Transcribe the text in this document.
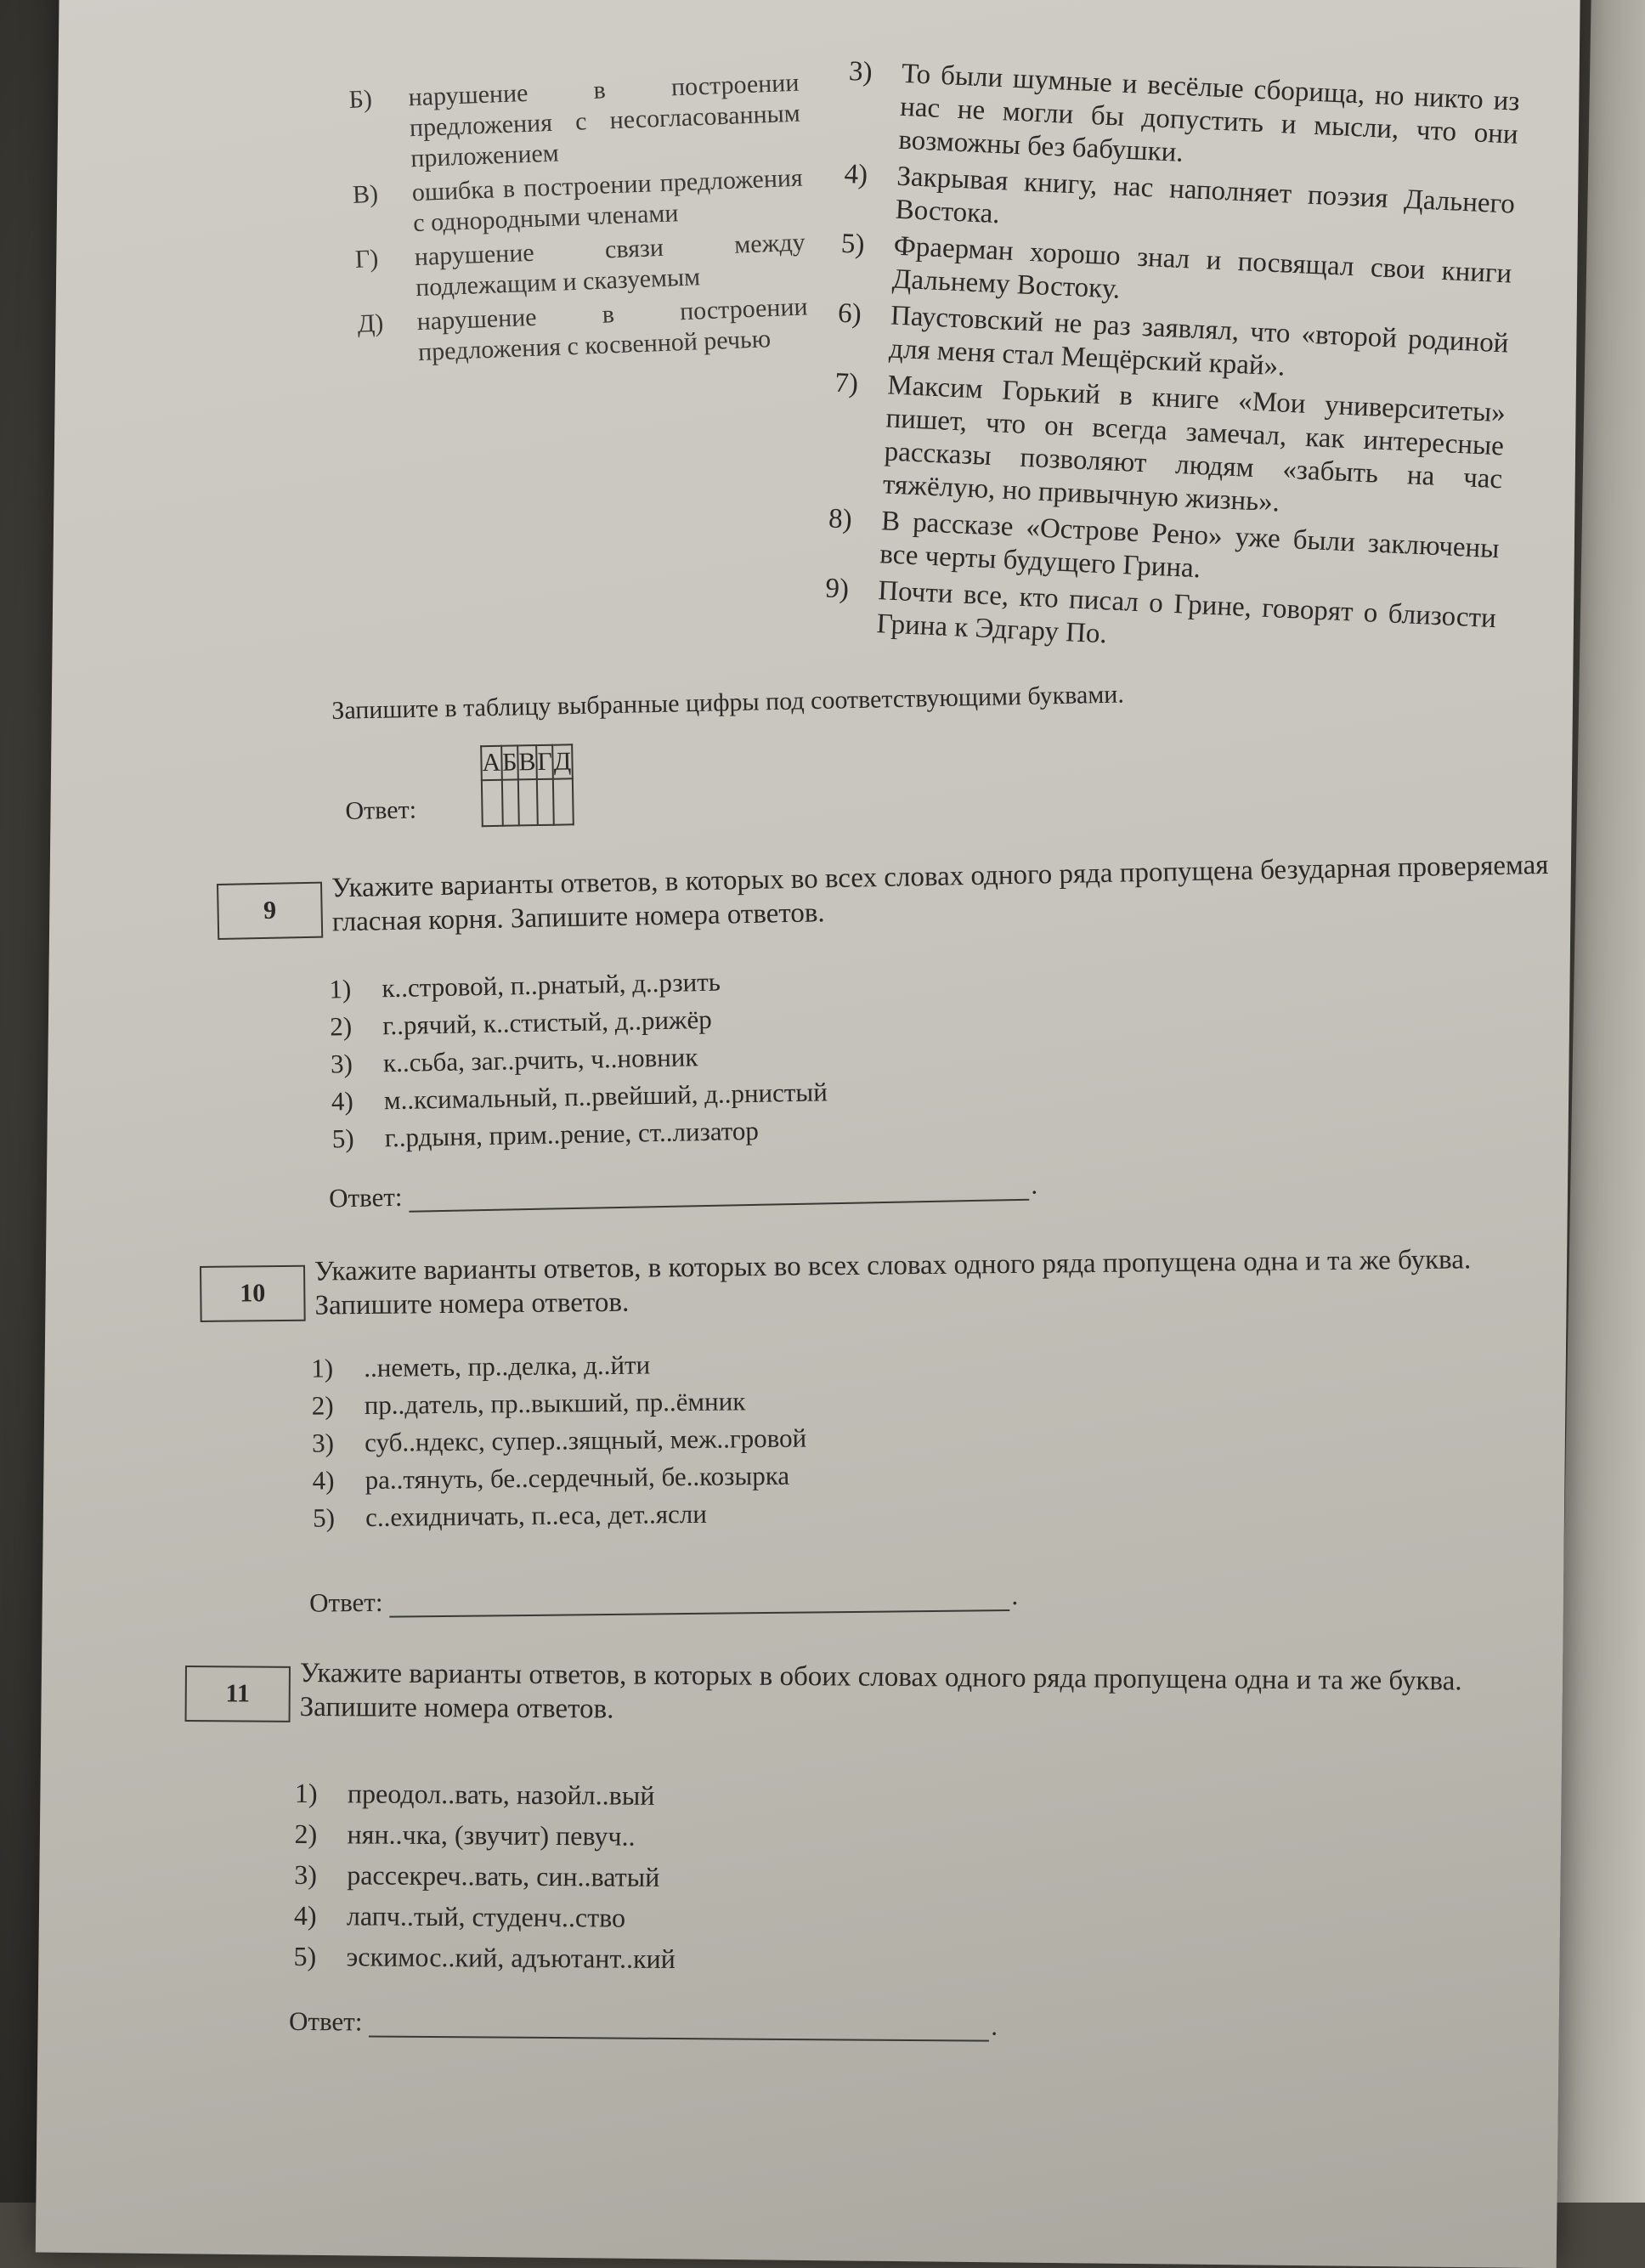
Б)	нарушение в построении предложения с несогласованным приложением
В)	ошибка в построении предложения с однородными членами
Г)	нарушение связи между подлежащим и сказуемым
Д)	нарушение в построении предложения с косвенной речью
3) То были шумные и весёлые сборища, но никто из нас не могли бы допустить и мысли, что они возможны без бабушки.
4) Закрывая книгу, нас наполняет поэзия Дальнего Востока.
5) Фраерман хорошо знал и посвящал свои книги Дальнему Востоку.
6) Паустовский не раз заявлял, что «второй родиной для меня стал Мещёрский край».
7) Максим Горький в книге «Мои университеты» пишет, что он всегда замечал, как интересные рассказы позволяют людям «забыть на час тяжёлую, но привычную жизнь».
8) В рассказе «Острове Рено» уже были заключены все черты будущего Грина.
9) Почти все, кто писал о Грине, говорят о близости Грина к Эдгару По.
Запишите в таблицу выбранные цифры под соответствующими буквами.
Ответ:
А	Б	В	Г	Д

9
Укажите варианты ответов, в которых во всех словах одного ряда пропущена безударная проверяемая гласная корня. Запишите номера ответов.
1)	к..стровой, п..рнатый, д..рзить
2)	г..рячий, к..стистый, д..рижёр
3)	к..сьба, заг..рчить, ч..новник
4)	м..ксимальный, п..рвейший, д..рнистый
5)	г..рдыня, прим..рение, ст..лизатор
Ответ:	.
10
Укажите варианты ответов, в которых во всех словах одного ряда пропущена одна и та же буква. Запишите номера ответов.
1)	..неметь, пр..делка, д..йти
2)	пр..датель, пр..выкший, пр..ёмник
3)	суб..ндекс, супер..зящный, меж..гровой
4)	ра..тянуть, бе..сердечный, бе..козырка
5)	с..ехидничать, п..еса, дет..ясли
Ответ:	.
11	Укажите варианты ответов, в которых в обоих словах одного ряда пропущена одна и та же буква. Запишите номера ответов.
1)	преодол..вать, назойл..вый
2)	нян..чка, (звучит) певуч..
3)	рассекреч..вать, син..ватый
4)	лапч..тый, студенч..ство
5)	эскимос..кий, адъютант..кий
Ответ:	.
